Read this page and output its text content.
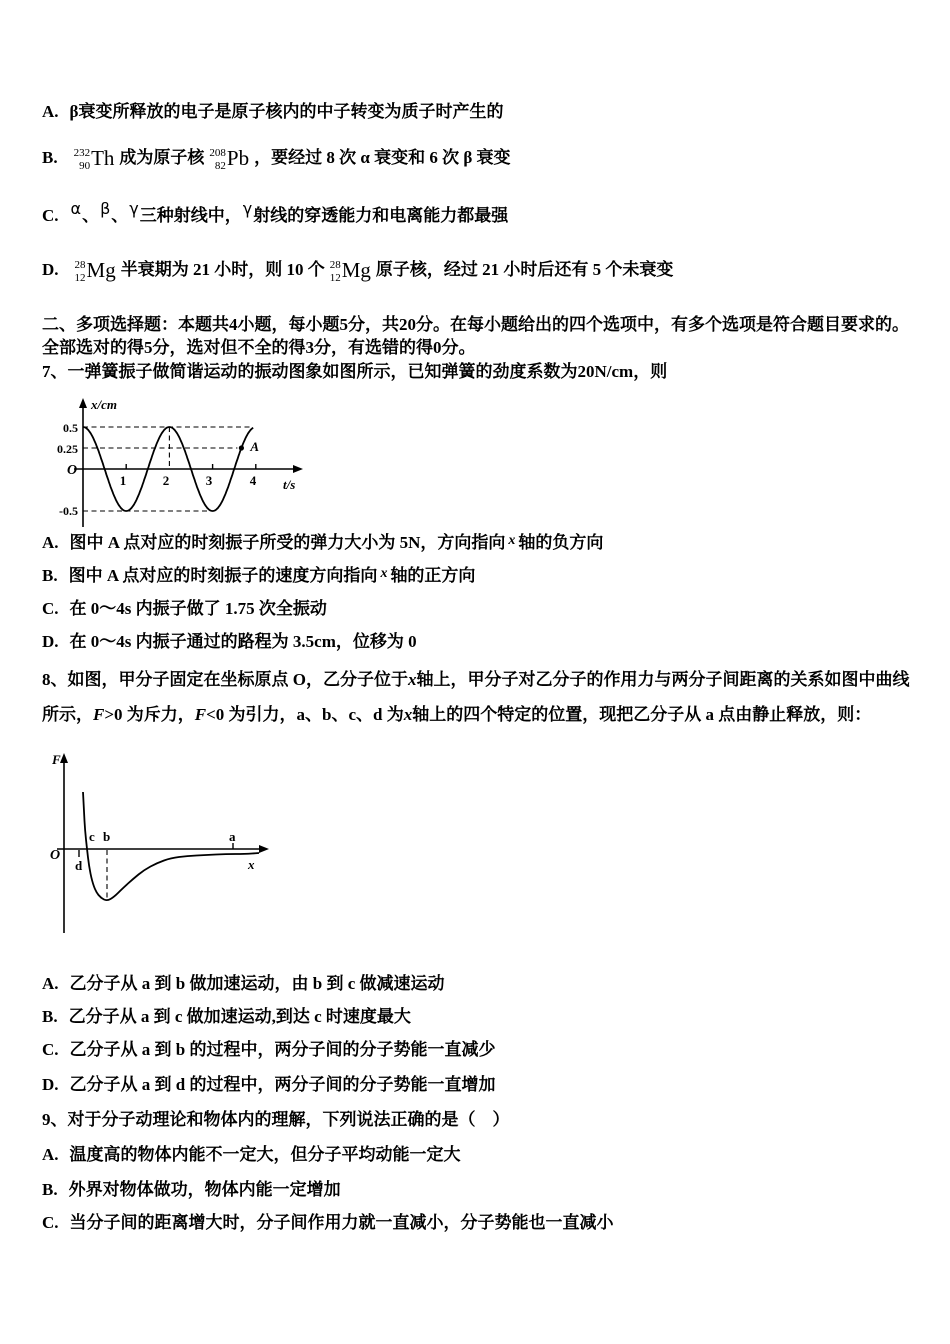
A. β衰变所释放的电子是原子核内的中子转变为质子时产生的
B. 232
90 Th 成为原子核 208
82 Pb ，要经过 8 次 α 衰变和 6 次 β 衰变
C. α、β、γ三种射线中，γ射线的穿透能力和电离能力都最强
D. 28
12 Mg 半衰期为 21 小时，则 10 个 28
12 Mg 原子核，经过 21 小时后还有 5 个未衰变
二、多项选择题：本题共4小题，每小题5分，共20分。在每小题给出的四个选项中，有多个选项是符合题目要求的。
全部选对的得5分，选对但不全的得3分，有选错的得0分。
7、一弹簧振子做简谐运动的振动图象如图所示，已知弹簧的劲度系数为20N/cm，则
A
x/cm
t/s
O
0.5
0.25
-0.5
1	2	3	4
A. 图中 A 点对应的时刻振子所受的弹力大小为 5N，方向指向 $^x$ 轴的负方向
B. 图中 A 点对应的时刻振子的速度方向指向 $^x$ 轴的正方向
C. 在 0～4s 内振子做了 1.75 次全振动
D. 在 0～4s 内振子通过的路程为 3.5cm，位移为 0
8、如图，甲分子固定在坐标原点 O，乙分子位于x轴上，甲分子对乙分子的作用力与两分子间距离的关系如图中曲线
所示，F>0 为斥力，F<0 为引力，a、b、c、d 为x轴上的四个特定的位置，现把乙分子从 a 点由静止释放，则：
F
x
O
d
c b	a
A. 乙分子从 a 到 b 做加速运动，由 b 到 c 做减速运动
B. 乙分子从 a 到 c 做加速运动,到达 c 时速度最大
C. 乙分子从 a 到 b 的过程中，两分子间的分子势能一直减少
D. 乙分子从 a 到 d 的过程中，两分子间的分子势能一直增加
9、对于分子动理论和物体内的理解，下列说法正确的是（　）
A. 温度高的物体内能不一定大，但分子平均动能一定大
B. 外界对物体做功，物体内能一定增加
C. 当分子间的距离增大时，分子间作用力就一直减小，分子势能也一直减小
